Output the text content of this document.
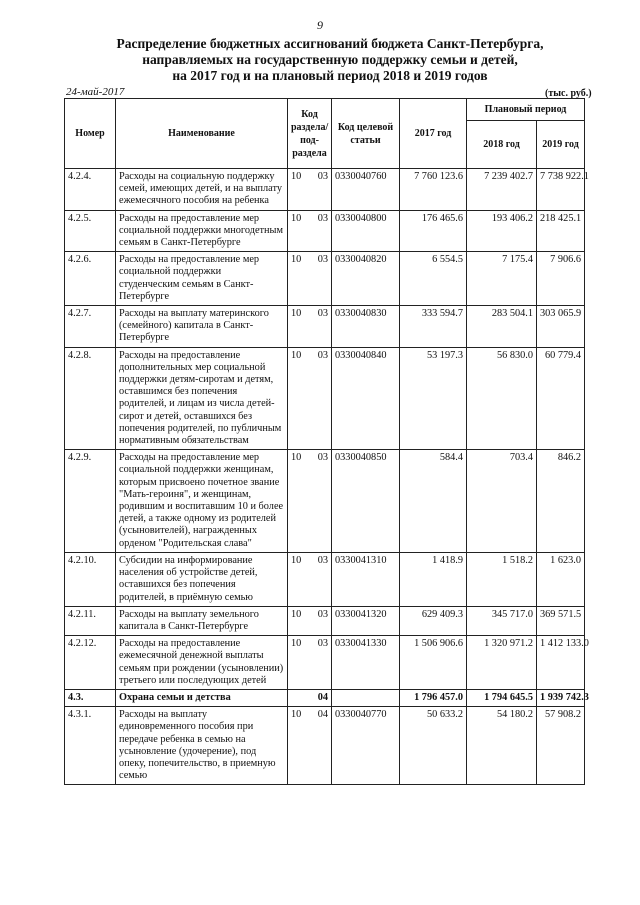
9
Распределение бюджетных ассигнований бюджета Санкт-Петербурга,
направляемых на государственную поддержку семьи и детей,
на 2017 год и на плановый период 2018 и 2019 годов
24-май-2017	(тыс. руб.)
Номер	Наименование	Код раздела/ под- раздела	Код целевой статьи	2017 год	Плановый период	
					2018 год	2019 год
4.2.4.	Расходы на социальную поддержку семей, имеющих детей, и на выплату ежемесячного пособия на ребенка	10 03	0330040760	7 760 123.6	7 239 402.7	7 738 922.1
4.2.5.	Расходы на предоставление мер социальной поддержки многодетным семьям в Санкт-Петербурге	10 03	0330040800	176 465.6	193 406.2	218 425.1
4.2.6.	Расходы на предоставление мер социальной поддержки студенческим семьям в Санкт-Петербурге	10 03	0330040820	6 554.5	7 175.4	7 906.6
4.2.7.	Расходы на выплату материнского (семейного) капитала в Санкт-Петербурге	10 03	0330040830	333 594.7	283 504.1	303 065.9
4.2.8.	Расходы на предоставление дополнительных мер социальной поддержки детям-сиротам и детям, оставшимся без попечения родителей, и лицам из числа детей-сирот и детей, оставшихся без попечения родителей, по публичным нормативным обязательствам	10 03	0330040840	53 197.3	56 830.0	60 779.4
4.2.9.	Расходы на предоставление мер социальной поддержки женщинам, которым присвоено почетное звание "Мать-героиня", и женщинам, родившим и воспитавшим 10 и более детей, а также одному из родителей (усыновителей), награжденных орденом "Родительская слава"	10 03	0330040850	584.4	703.4	846.2
4.2.10.	Субсидии на информирование населения об устройстве детей, оставшихся без попечения родителей, в приёмную семью	10 03	0330041310	1 418.9	1 518.2	1 623.0
4.2.11.	Расходы на выплату земельного капитала в Санкт-Петербурге	10 03	0330041320	629 409.3	345 717.0	369 571.5
4.2.12.	Расходы на предоставление ежемесячной денежной выплаты семьям при рождении (усыновлении) третьего или последующих детей	10 03	0330041330	1 506 906.6	1 320 971.2	1 412 133.0
4.3.	Охрана семьи и детства	04		1 796 457.0	1 794 645.5	1 939 742.3
4.3.1.	Расходы на выплату единовременного пособия при передаче ребенка в семью на усыновление (удочерение), под опеку, попечительство, в приемную семью	10 04	0330040770	50 633.2	54 180.2	57 908.2
